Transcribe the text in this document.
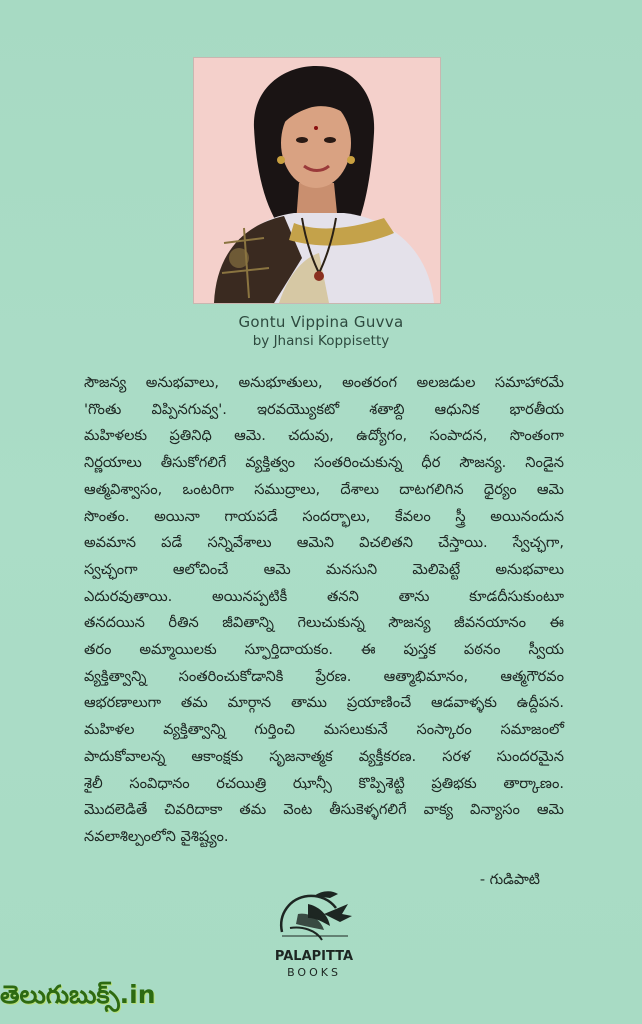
Gontu Vippina Guvva
by Jhansi Koppisetty
సౌజన్య అనుభవాలు, అనుభూతులు, అంతరంగ అలజడుల సమాహారమే
'గొంతు విప్పినగువ్వ'. ఇరవయ్యొకటో శతాబ్ది ఆధునిక భారతీయ
మహిళలకు ప్రతినిధి ఆమె. చదువు, ఉద్యోగం, సంపాదన, సొంతంగా
నిర్ణయాలు తీసుకోగలిగే వ్యక్తిత్వం సంతరించుకున్న ధీర సౌజన్య. నిండైన
ఆత్మవిశ్వాసం, ఒంటరిగా సముద్రాలు, దేశాలు దాటగలిగిన ధైర్యం ఆమె
సొంతం. అయినా గాయపడే సందర్భాలు, కేవలం స్త్రీ అయినందున
అవమాన పడే సన్నివేశాలు ఆమెని విచలితని చేస్తాయి. స్వేచ్ఛగా,
స్వచ్ఛంగా ఆలోచించే ఆమె మనసుని మెలిపెట్టే అనుభవాలు
ఎదురవుతాయి. అయినప్పటికీ తనని తాను కూడదీసుకుంటూ
తనదయిన రీతిన జీవితాన్ని గెలుచుకున్న సౌజన్య జీవనయానం ఈ
తరం అమ్మాయిలకు స్ఫూర్తిదాయకం. ఈ పుస్తక పఠనం స్వీయ
వ్యక్తిత్వాన్ని సంతరించుకోడానికి ప్రేరణ. ఆత్మాభిమానం, ఆత్మగౌరవం
ఆభరణాలుగా తమ మార్గాన తాము ప్రయాణించే ఆడవాళ్ళకు ఉద్దీపన.
మహిళల వ్యక్తిత్వాన్ని గుర్తించి మసలుకునే సంస్కారం సమాజంలో
పాదుకోవాలన్న ఆకాంక్షకు సృజనాత్మక వ్యక్తీకరణ. సరళ సుందరమైన
శైలీ సంవిధానం రచయిత్రి ఝాన్సీ కొప్పిశెట్టి ప్రతిభకు తార్కాణం.
మొదలెడితే చివరిదాకా తమ వెంట తీసుకెళ్ళగలిగే వాక్య విన్యాసం ఆమె
నవలాశిల్పంలోని వైశిష్ట్యం.
- గుడిపాటి
PALAPITTA
BOOKS
తెలుగుబుక్స్.in
